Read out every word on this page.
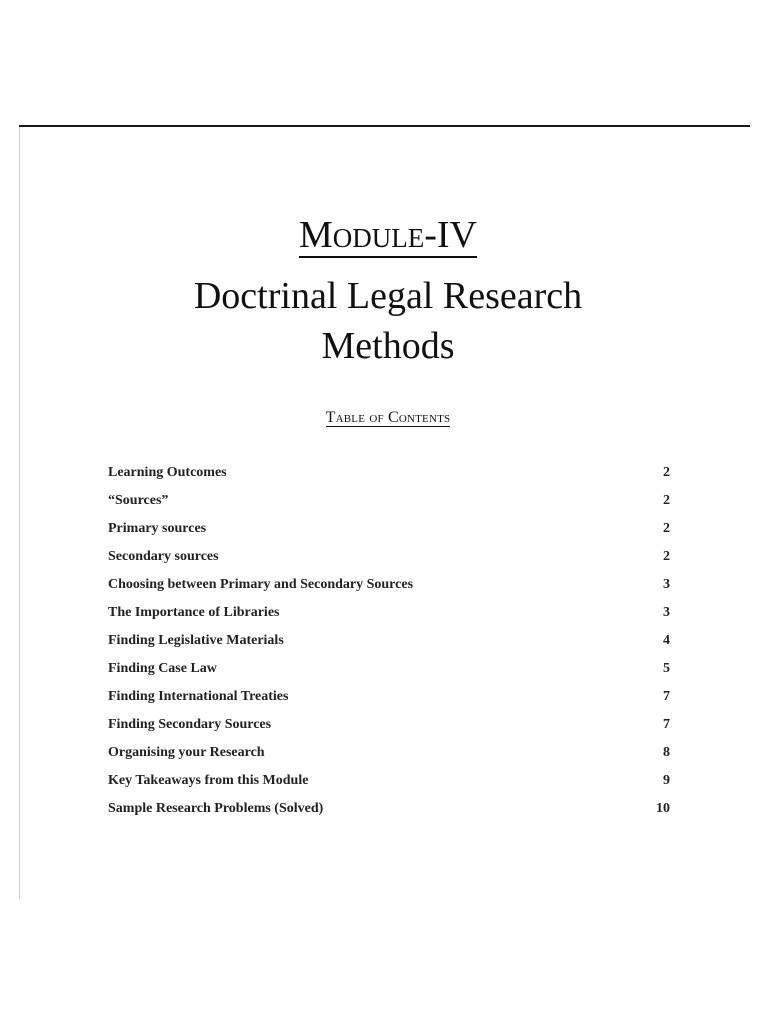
Module-IV
Doctrinal Legal Research
Methods
Table of Contents
Learning Outcomes	2
“Sources”	2
Primary sources	2
Secondary sources	2
Choosing between Primary and Secondary Sources	3
The Importance of Libraries	3
Finding Legislative Materials	4
Finding Case Law	5
Finding International Treaties	7
Finding Secondary Sources	7
Organising your Research	8
Key Takeaways from this Module	9
Sample Research Problems (Solved)	10
